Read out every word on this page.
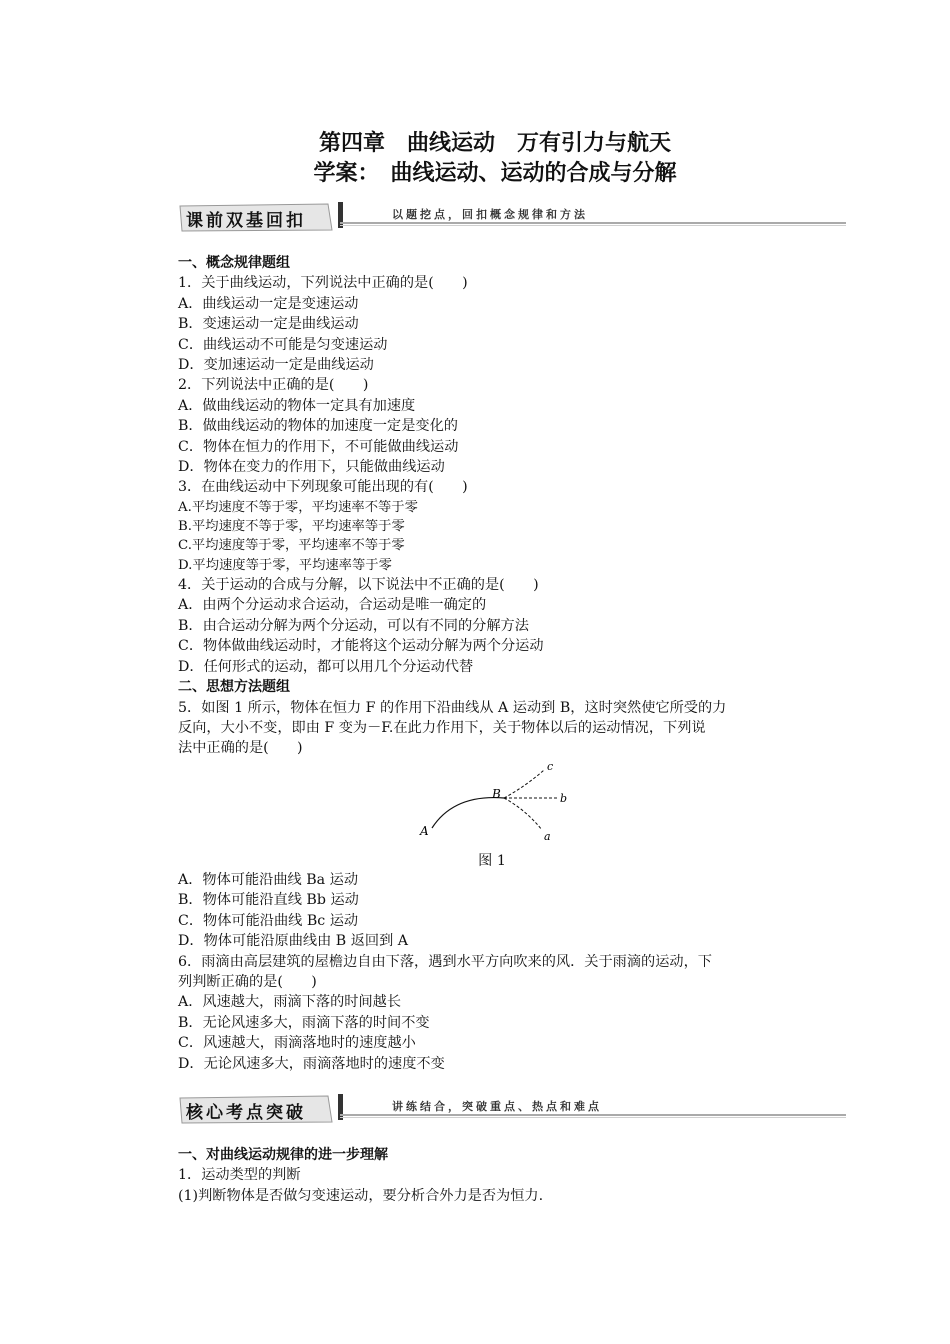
第四章　曲线运动　万有引力与航天
学案：　曲线运动、运动的合成与分解
课前双基回扣	以题挖点，回扣概念规律和方法
一、概念规律题组
1．关于曲线运动，下列说法中正确的是(　　)
A．曲线运动一定是变速运动
B．变速运动一定是曲线运动
C．曲线运动不可能是匀变速运动
D．变加速运动一定是曲线运动
2．下列说法中正确的是(　　)
A．做曲线运动的物体一定具有加速度
B．做曲线运动的物体的加速度一定是变化的
C．物体在恒力的作用下，不可能做曲线运动
D．物体在变力的作用下，只能做曲线运动
3．在曲线运动中下列现象可能出现的有(　　)
A.平均速度不等于零，平均速率不等于零
B.平均速度不等于零，平均速率等于零
C.平均速度等于零，平均速率不等于零
D.平均速度等于零，平均速率等于零
4．关于运动的合成与分解，以下说法中不正确的是(　　)
A．由两个分运动求合运动，合运动是唯一确定的
B．由合运动分解为两个分运动，可以有不同的分解方法
C．物体做曲线运动时，才能将这个运动分解为两个分运动
D．任何形式的运动，都可以用几个分运动代替
二、思想方法题组
5．如图 1 所示，物体在恒力 F 的作用下沿曲线从 A 运动到 B，这时突然使它所受的力
反向，大小不变，即由 F 变为－F.在此力作用下，关于物体以后的运动情况，下列说
法中正确的是(　　)
A
B
c
b
a
图 1
A．物体可能沿曲线 Ba 运动
B．物体可能沿直线 Bb 运动
C．物体可能沿曲线 Bc 运动
D．物体可能沿原曲线由 B 返回到 A
6．雨滴由高层建筑的屋檐边自由下落，遇到水平方向吹来的风．关于雨滴的运动，下
列判断正确的是(　　)
A．风速越大，雨滴下落的时间越长
B．无论风速多大，雨滴下落的时间不变
C．风速越大，雨滴落地时的速度越小
D．无论风速多大，雨滴落地时的速度不变
核心考点突破	讲练结合，突破重点、热点和难点
一、对曲线运动规律的进一步理解
1．运动类型的判断
(1)判断物体是否做匀变速运动，要分析合外力是否为恒力.
